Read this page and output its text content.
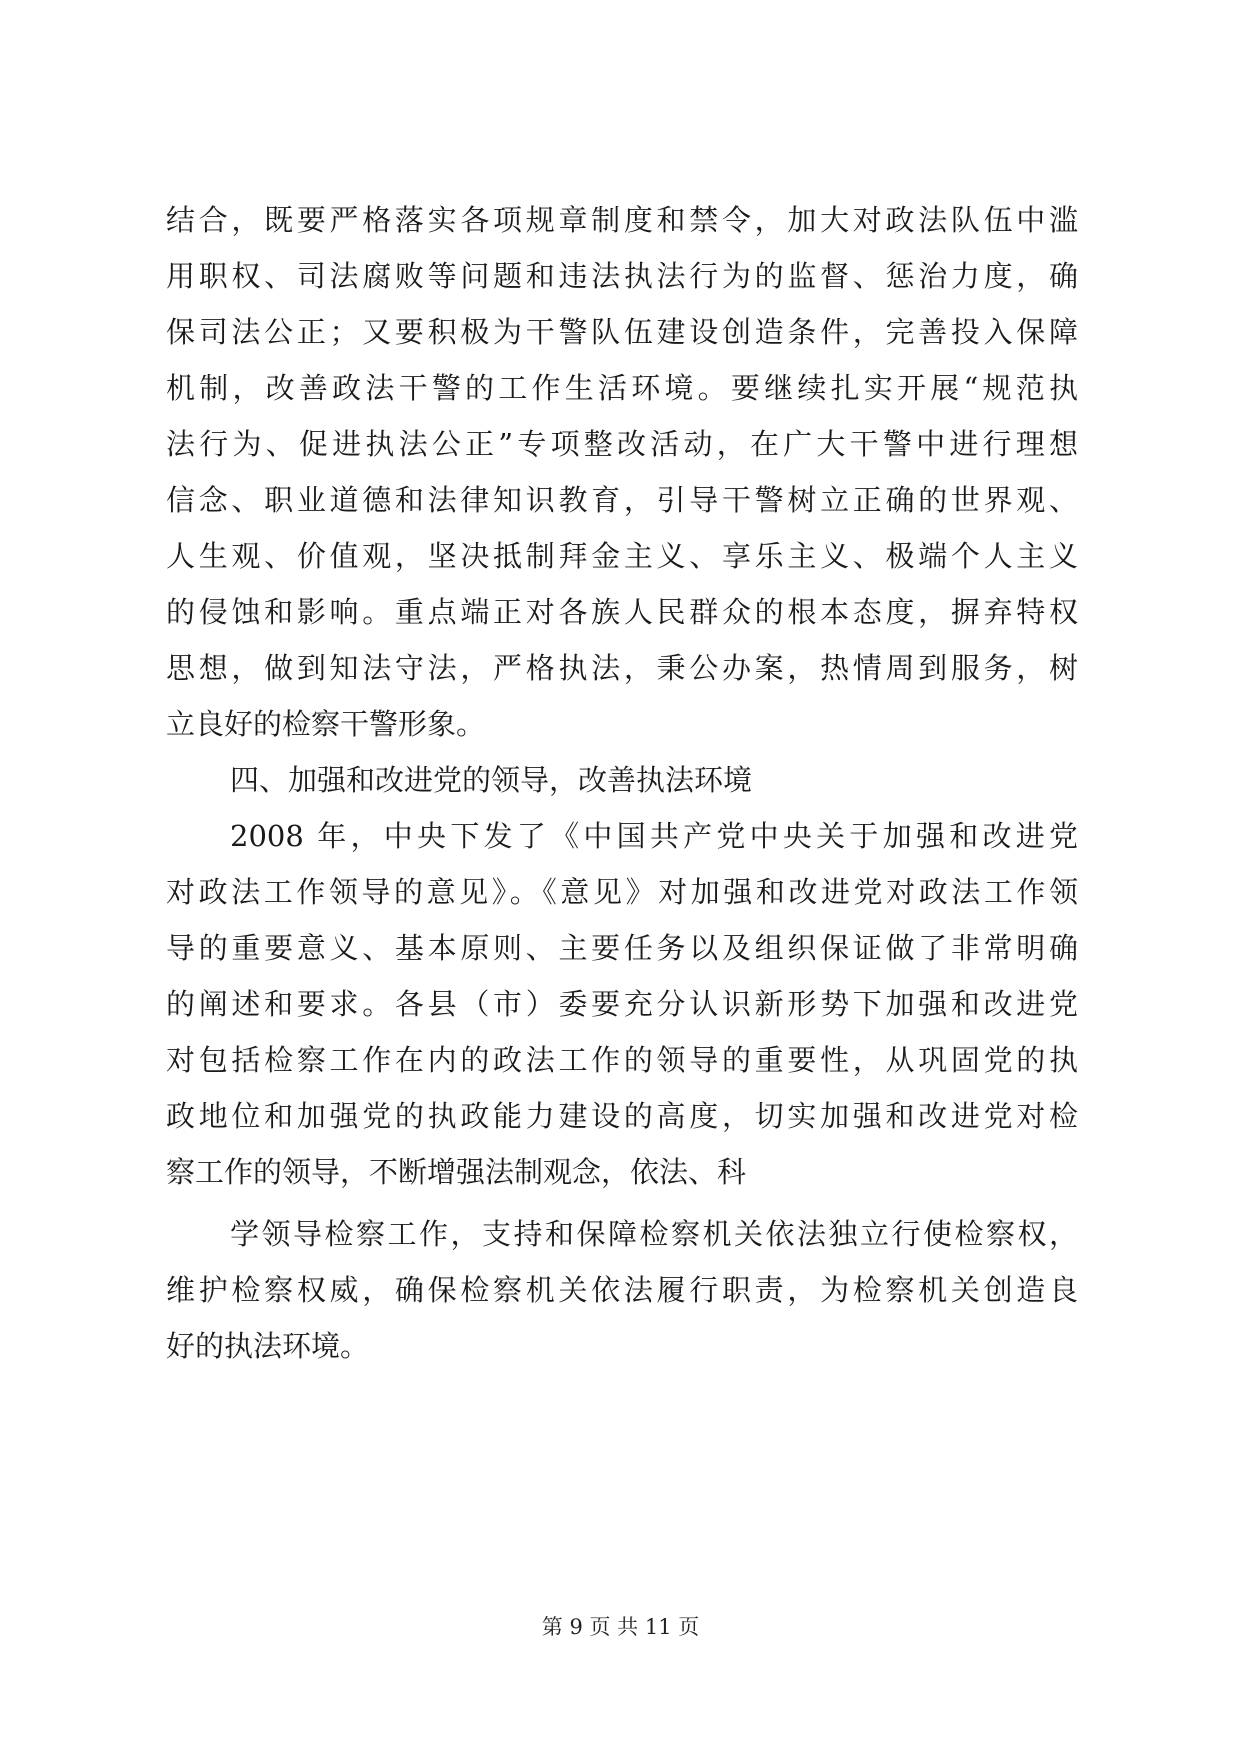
结合，既要严格落实各项规章制度和禁令，加大对政法队伍中滥
用职权、司法腐败等问题和违法执法行为的监督、惩治力度，确
保司法公正；又要积极为干警队伍建设创造条件，完善投入保障
机制，改善政法干警的工作生活环境。要继续扎实开展“规范执
法行为、促进执法公正”专项整改活动，在广大干警中进行理想
信念、职业道德和法律知识教育，引导干警树立正确的世界观、
人生观、价值观，坚决抵制拜金主义、享乐主义、极端个人主义
的侵蚀和影响。重点端正对各族人民群众的根本态度，摒弃特权
思想，做到知法守法，严格执法，秉公办案，热情周到服务，树
立良好的检察干警形象。
四、加强和改进党的领导，改善执法环境
2008 年，中央下发了《中国共产党中央关于加强和改进党
对政法工作领导的意见》。《意见》对加强和改进党对政法工作领
导的重要意义、基本原则、主要任务以及组织保证做了非常明确
的阐述和要求。各县（市）委要充分认识新形势下加强和改进党
对包括检察工作在内的政法工作的领导的重要性，从巩固党的执
政地位和加强党的执政能力建设的高度，切实加强和改进党对检
察工作的领导，不断增强法制观念，依法、科
学领导检察工作，支持和保障检察机关依法独立行使检察权，
维护检察权威，确保检察机关依法履行职责，为检察机关创造良
好的执法环境。
第 9 页 共 11 页
